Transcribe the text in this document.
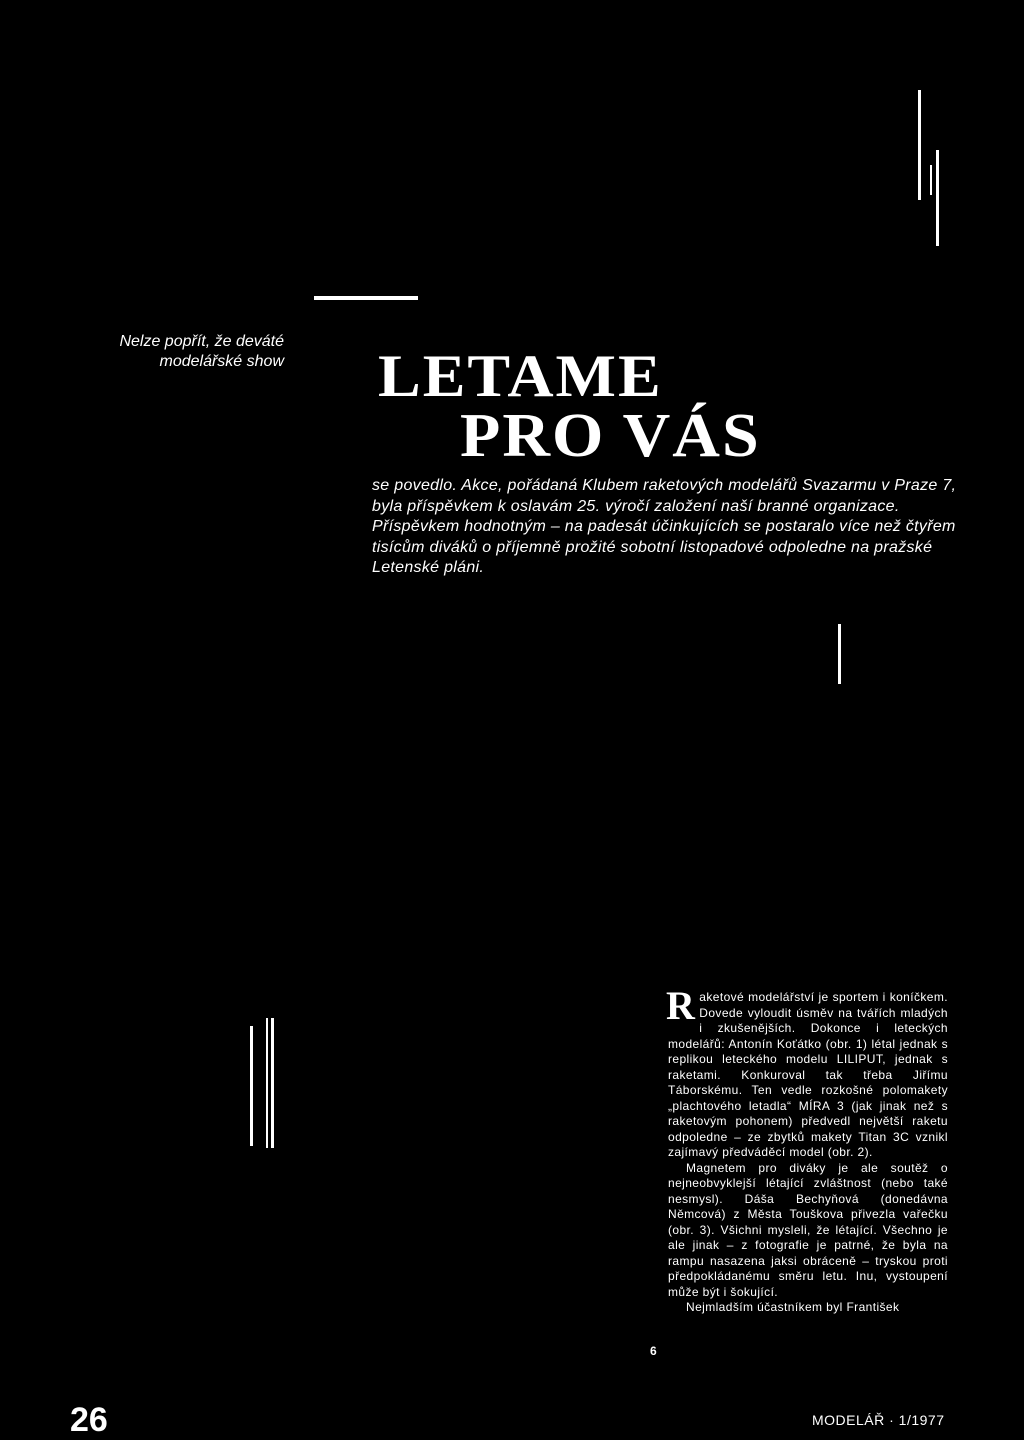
Nelze popřít, že deváté
modelářské show LETAME
PRO VÁS
se povedlo. Akce, pořádaná Klubem raketových modelářů Svazarmu v Praze 7, byla příspěvkem k oslavám 25. výročí založení naší branné organizace. Příspěvkem hodnotným – na padesát účinkujících se postaralo více než čtyřem tisícům diváků o příjemně prožité sobotní listopadové odpoledne na pražské Letenské pláni.

Raketové modelářství je sportem i koníčkem. Dovede vyloudit úsměv na tvářích mladých i zkušenějších. Dokonce i leteckých modelářů: Antonín Koťátko (obr. 1) létal jednak s replikou leteckého modelu LILIPUT, jednak s raketami. Konkuroval tak třeba Jiřímu Táborskému. Ten vedle rozkošné polomakety „plachtového letadla“ MÍRA 3 (jak jinak než s raketovým pohonem) předvedl největší raketu odpoledne – ze zbytků makety Titan 3C vznikl zajímavý předváděcí model (obr. 2).

Magnetem pro diváky je ale soutěž o nejneobvyklejší létající zvláštnost (nebo také nesmysl). Dáša Bechyňová (donedávna Němcová) z Města Touškova přivezla vařečku (obr. 3). Všichni mysleli, že létající. Všechno je ale jinak – z fotografie je patrné, že byla na rampu nasazena jaksi obráceně – tryskou proti předpokládanému směru letu. Inu, vystoupení může být i šokující.

Nejmladším účastníkem byl František

6
26	MODELÁŘ · 1/1977
